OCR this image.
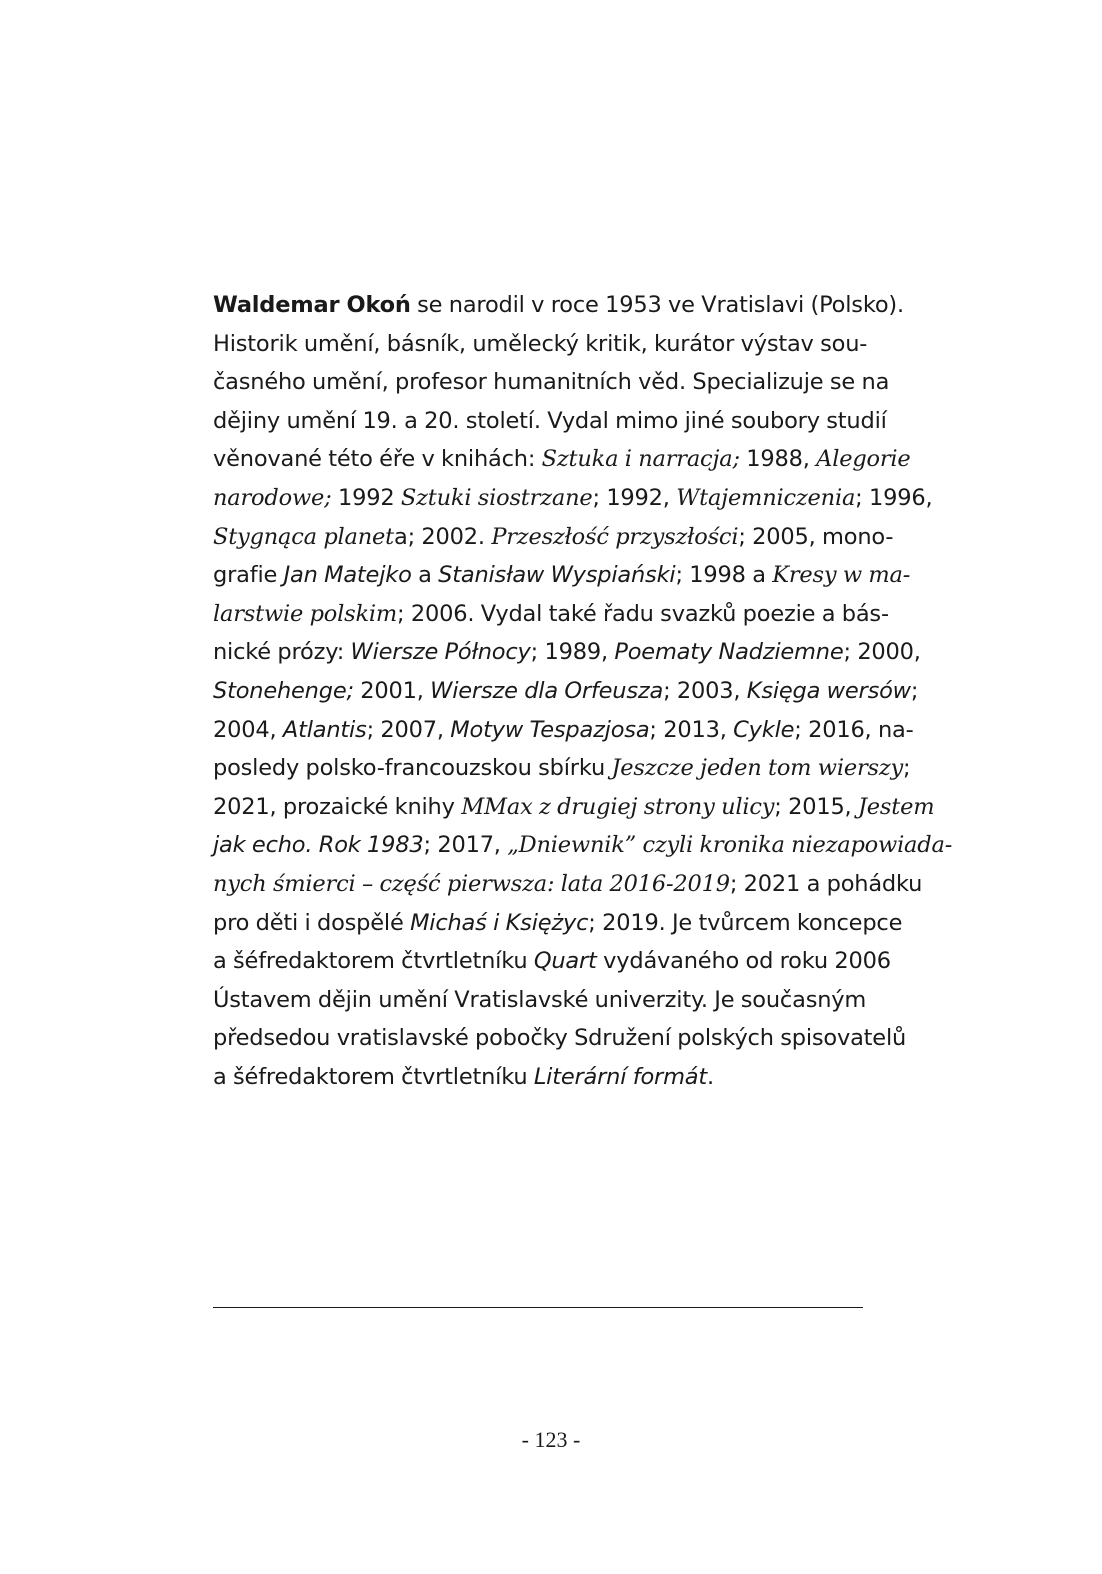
Waldemar Okoń se narodil v roce 1953 ve Vratislavi (Polsko).
Historik umění, básník, umělecký kritik, kurátor výstav sou-
časného umění, profesor humanitních věd. Specializuje se na
dějiny umění 19. a 20. století. Vydal mimo jiné soubory studií
věnované této éře v knihách: Sztuka i narracja; 1988, Alegorie
narodowe; 1992 Sztuki siostrzane; 1992, Wtajemniczenia; 1996,
Stygnąca planeta; 2002. Przeszłość przyszłości; 2005, mono-
grafie Jan Matejko a Stanisław Wyspiański; 1998 a Kresy w ma-
larstwie polskim; 2006. Vydal také řadu svazků poezie a bás-
nické prózy: Wiersze Północy; 1989, Poematy Nadziemne; 2000,
Stonehenge; 2001, Wiersze dla Orfeusza; 2003, Księga wersów;
2004, Atlantis; 2007, Motyw Tespazjosa; 2013, Cykle; 2016, na-
posledy polsko-francouzskou sbírku Jeszcze jeden tom wierszy;
2021, prozaické knihy MMax z drugiej strony ulicy; 2015, Jestem
jak echo. Rok 1983; 2017, „Dniewnik” czyli kronika niezapowiada-
nych śmierci – część pierwsza: lata 2016-2019; 2021 a pohádku
pro děti i dospělé Michaś i Księżyc; 2019. Je tvůrcem koncepce
a šéfredaktorem čtvrtletníku Quart vydávaného od roku 2006
Ústavem dějin umění Vratislavské univerzity. Je současným
předsedou vratislavské pobočky Sdružení polských spisovatelů
a šéfredaktorem čtvrtletníku Literární formát.

- 123 -
